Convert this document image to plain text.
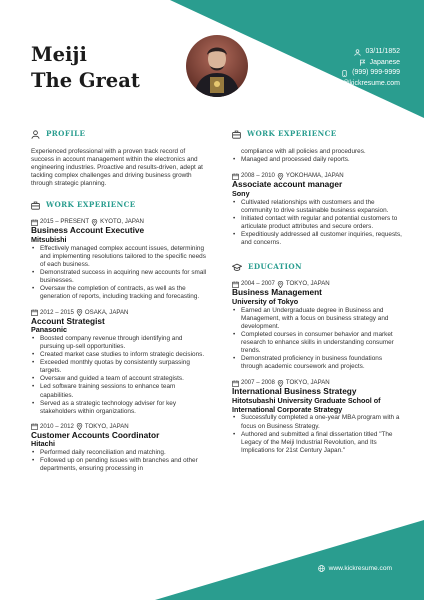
Meiji
The Great
03/11/1852
Japanese
(999) 999-9999
hello@kickresume.com
PROFILE

Experienced professional with a proven track record of success in account management within the electronics and engineering industries. Proactive and results-driven, adept at tackling complex challenges and driving business growth through strategic planning.

WORK EXPERIENCE
2015 – PRESENT KYOTO, JAPAN
Business Account Executive
Mitsubishi
• Effectively managed complex account issues, determining and implementing resolutions tailored to the specific needs of each business.
• Demonstrated success in acquiring new accounts for small businesses.
• Oversaw the completion of contracts, as well as the generation of reports, including tracking and forecasting.
2012 – 2015 OSAKA, JAPAN
Account Strategist
Panasonic
• Boosted company revenue through identifying and pursuing up-sell opportunities.
• Created market case studies to inform strategic decisions.
• Exceeded monthly quotas by consistently surpassing targets.
• Oversaw and guided a team of account strategists.
• Led software training sessions to enhance team capabilities.
• Served as a strategic technology adviser for key stakeholders within organizations.
2010 – 2012 TOKYO, JAPAN
Customer Accounts Coordinator
Hitachi
• Performed daily reconciliation and matching.
• Followed up on pending issues with branches and other departments, ensuring processing in
WORK EXPERIENCE
compliance with all policies and procedures.
• Managed and processed daily reports.
2008 – 2010 YOKOHAMA, JAPAN
Associate account manager
Sony
• Cultivated relationships with customers and the community to drive sustainable business expansion.
• Initiated contact with regular and potential customers to articulate product attributes and secure orders.
• Expeditiously addressed all customer inquiries, requests, and concerns.
EDUCATION
2004 – 2007 TOKYO, JAPAN
Business Management
University of Tokyo
• Earned an Undergraduate degree in Business and Management, with a focus on business strategy and development.
• Completed courses in consumer behavior and market research to enhance skills in understanding consumer trends.
• Demonstrated proficiency in business foundations through academic coursework and projects.
2007 – 2008 TOKYO, JAPAN
International Business Strategy
Hitotsubashi University Graduate School of International Corporate Strategy
• Successfully completed a one-year MBA program with a focus on Business Strategy.
• Authored and submitted a final dissertation titled "The Legacy of the Meiji Industrial Revolution, and Its Implications for 21st Century Japan."
www.kickresume.com
